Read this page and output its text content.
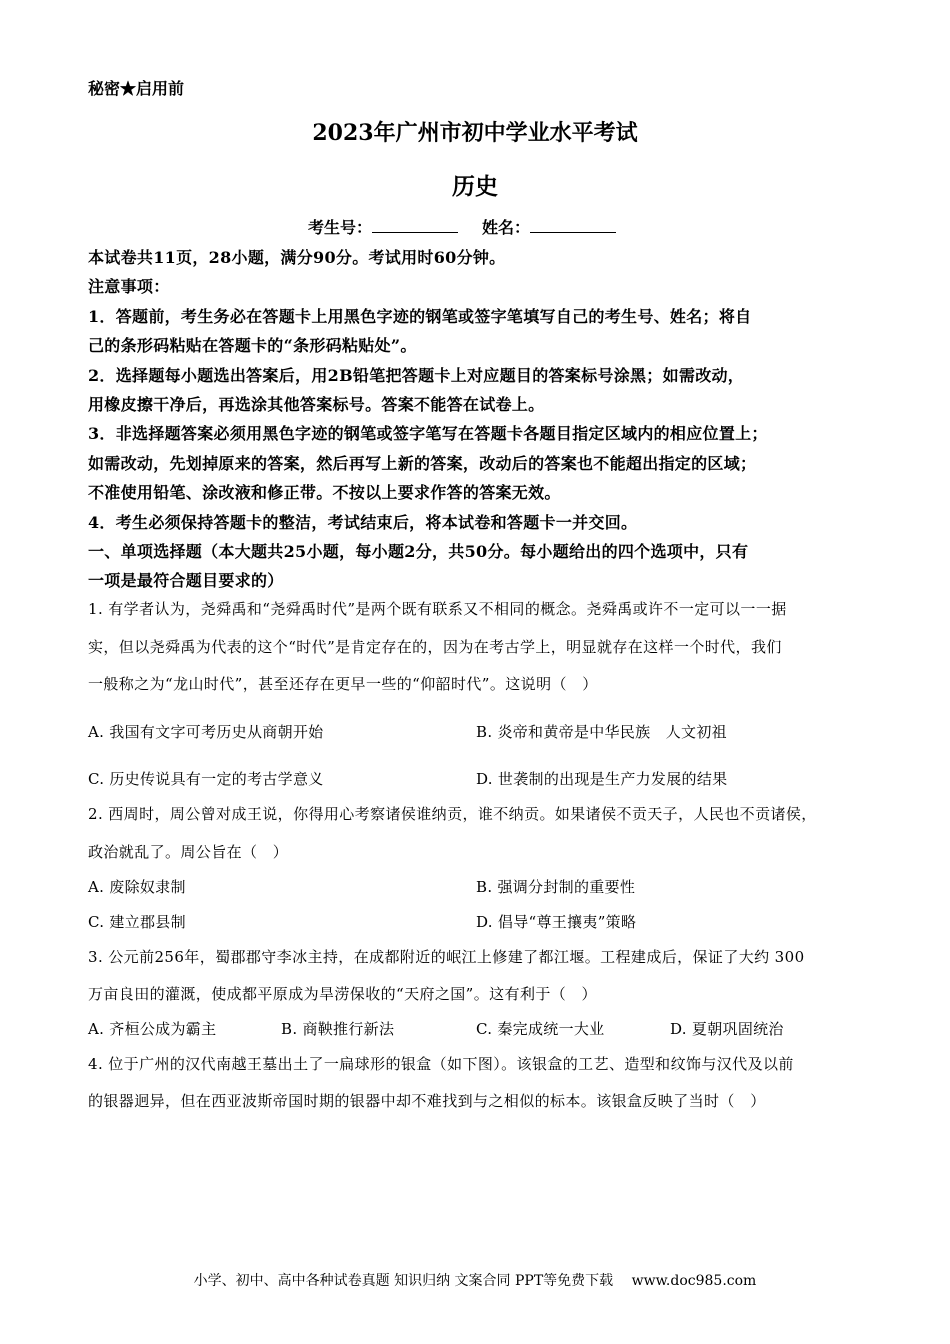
秘密★启用前
2023年广州市初中学业水平考试
历史
考生号：	姓名：
本试卷共11页，28小题，满分90分。考试用时60分钟。
注意事项：
1．答题前，考生务必在答题卡上用黑色字迹的钢笔或签字笔填写自己的考生号、姓名；将自
己的条形码粘贴在答题卡的“条形码粘贴处”。
2．选择题每小题选出答案后，用2B铅笔把答题卡上对应题目的答案标号涂黑；如需改动，
用橡皮擦干净后，再选涂其他答案标号。答案不能答在试卷上。
3．非选择题答案必须用黑色字迹的钢笔或签字笔写在答题卡各题目指定区域内的相应位置上；
如需改动，先划掉原来的答案，然后再写上新的答案，改动后的答案也不能超出指定的区域；
不准使用铅笔、涂改液和修正带。不按以上要求作答的答案无效。
4．考生必须保持答题卡的整洁，考试结束后，将本试卷和答题卡一并交回。
一、单项选择题（本大题共25小题，每小题2分，共50分。每小题给出的四个选项中，只有
一项是最符合题目要求的）
1. 有学者认为，尧舜禹和“尧舜禹时代”是两个既有联系又不相同的概念。尧舜禹或许不一定可以一一据
实，但以尧舜禹为代表的这个“时代”是肯定存在的，因为在考古学上，明显就存在这样一个时代，我们
一般称之为“龙山时代”，甚至还存在更早一些的“仰韶时代”。这说明（　）
A. 我国有文字可考历史从商朝开始	B. 炎帝和黄帝是中华民族　人文初祖
C. 历史传说具有一定的考古学意义	D. 世袭制的出现是生产力发展的结果
2. 西周时，周公曾对成王说，你得用心考察诸侯谁纳贡，谁不纳贡。如果诸侯不贡天子，人民也不贡诸侯，
政治就乱了。周公旨在（　）
A. 废除奴隶制	B. 强调分封制的重要性
C. 建立郡县制	D. 倡导“尊王攘夷”策略
3. 公元前256年，蜀郡郡守李冰主持，在成都附近的岷江上修建了都江堰。工程建成后，保证了大约 300
万亩良田的灌溉，使成都平原成为旱涝保收的“天府之国”。这有利于（　）
A. 齐桓公成为霸主	B. 商鞅推行新法	C. 秦完成统一大业	D. 夏朝巩固统治
4. 位于广州的汉代南越王墓出土了一扁球形的银盒（如下图）。该银盒的工艺、造型和纹饰与汉代及以前
的银器迥异，但在西亚波斯帝国时期的银器中却不难找到与之相似的标本。该银盒反映了当时（　）
小学、初中、高中各种试卷真题 知识归纳 文案合同 PPT等免费下载　 www.doc985.com
